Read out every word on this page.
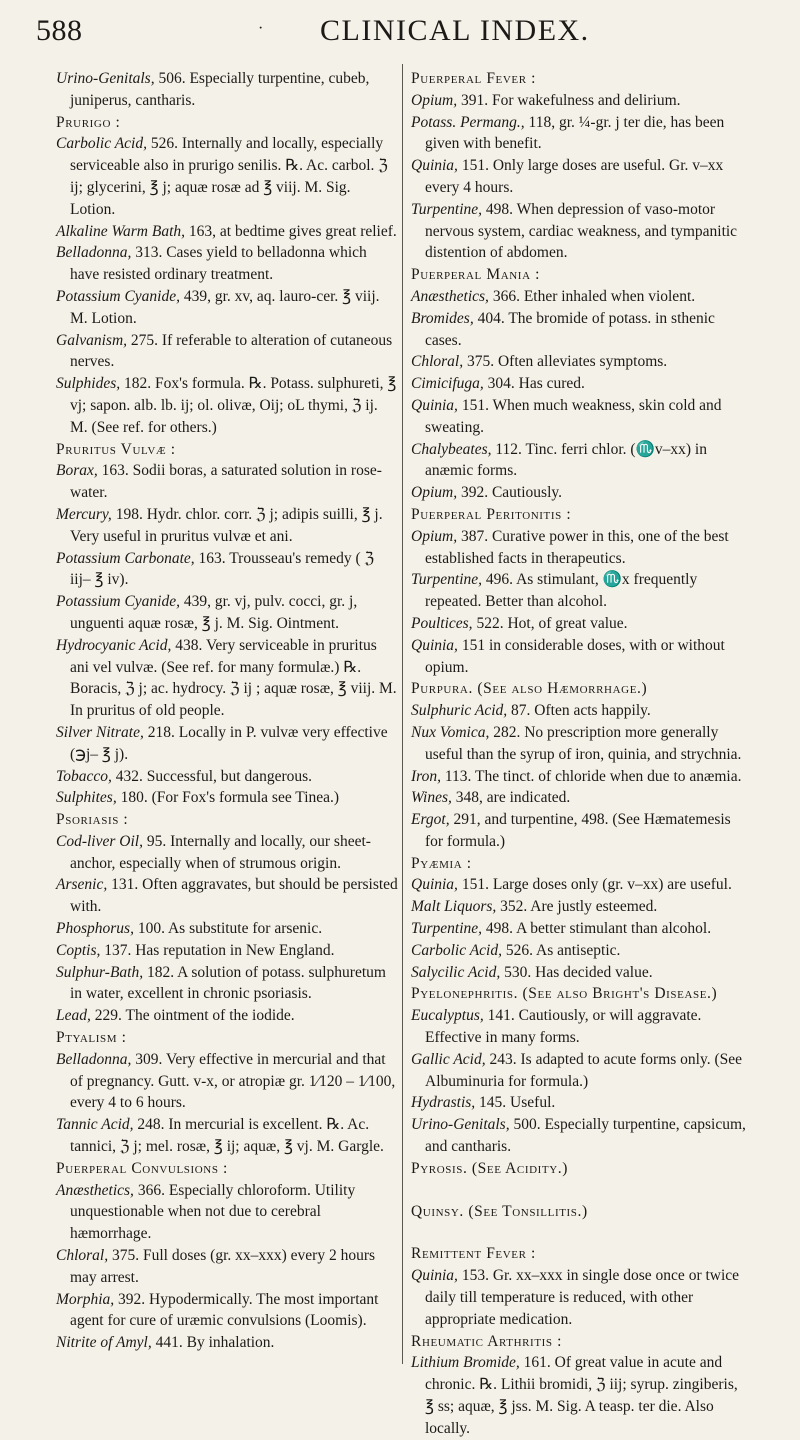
588	· CLINICAL INDEX.
Urino-Genitals, 506. Especially turpentine, cubeb, juniperus, cantharis.
Prurigo :
Carbolic Acid, 526. Internally and locally, especially serviceable also in prurigo senilis. ℞. Ac. carbol. ℨ ij; glycerini, ℥ j; aquæ rosæ ad ℥ viij. M. Sig. Lotion.
Alkaline Warm Bath, 163, at bedtime gives great relief.
Belladonna, 313. Cases yield to belladonna which have resisted ordinary treatment.
Potassium Cyanide, 439, gr. xv, aq. lauro-cer. ℥ viij. M. Lotion.
Galvanism, 275. If referable to alteration of cutaneous nerves.
Sulphides, 182. Fox's formula. ℞. Potass. sulphureti, ℥ vj; sapon. alb. lb. ij; ol. olivæ, Oij; oL thymi, ℨ ij. M. (See ref. for others.)
Pruritus Vulvæ :
Borax, 163. Sodii boras, a saturated solution in rose-water.
Mercury, 198. Hydr. chlor. corr. ℨ j; adipis suilli, ℥ j. Very useful in pruritus vulvæ et ani.
Potassium Carbonate, 163. Trousseau's remedy ( ℨ iij– ℥ iv).
Potassium Cyanide, 439, gr. vj, pulv. cocci, gr. j, unguenti aquæ rosæ, ℥ j. M. Sig. Ointment.
Hydrocyanic Acid, 438. Very serviceable in pruritus ani vel vulvæ. (See ref. for many formulæ.) ℞. Boracis, ℨ j; ac. hydrocy. ℨ ij ; aquæ rosæ, ℥ viij. M. In pruritus of old people.
Silver Nitrate, 218. Locally in P. vulvæ very effective (℈j– ℥ j).
Tobacco, 432. Successful, but dangerous.
Sulphites, 180. (For Fox's formula see Tinea.)
Psoriasis :
Cod-liver Oil, 95. Internally and locally, our sheet-anchor, especially when of strumous origin.
Arsenic, 131. Often aggravates, but should be persisted with.
Phosphorus, 100. As substitute for arsenic.
Coptis, 137. Has reputation in New England.
Sulphur-Bath, 182. A solution of potass. sulphuretum in water, excellent in chronic psoriasis.
Lead, 229. The ointment of the iodide.
Ptyalism :
Belladonna, 309. Very effective in mercurial and that of pregnancy. Gutt. v-x, or atropiæ gr. 1⁄120 – 1⁄100, every 4 to 6 hours.
Tannic Acid, 248. In mercurial is excellent. ℞. Ac. tannici, ℨ j; mel. rosæ, ℥ ij; aquæ, ℥ vj. M. Gargle.
Puerperal Convulsions :
Anæsthetics, 366. Especially chloroform. Utility unquestionable when not due to cerebral hæmorrhage.
Chloral, 375. Full doses (gr. xx–xxx) every 2 hours may arrest.
Morphia, 392. Hypodermically. The most important agent for cure of uræmic convulsions (Loomis).
Nitrite of Amyl, 441. By inhalation.
Puerperal Fever :
Opium, 391. For wakefulness and delirium.
Potass. Permang., 118, gr. ¼-gr. j ter die, has been given with benefit.
Quinia, 151. Only large doses are useful. Gr. v–xx every 4 hours.
Turpentine, 498. When depression of vaso-motor nervous system, cardiac weakness, and tympanitic distention of abdomen.
Puerperal Mania :
Anæsthetics, 366. Ether inhaled when violent.
Bromides, 404. The bromide of potass. in sthenic cases.
Chloral, 375. Often alleviates symptoms.
Cimicifuga, 304. Has cured.
Quinia, 151. When much weakness, skin cold and sweating.
Chalybeates, 112. Tinc. ferri chlor. (♏v–xx) in anæmic forms.
Opium, 392. Cautiously.
Puerperal Peritonitis :
Opium, 387. Curative power in this, one of the best established facts in therapeutics.
Turpentine, 496. As stimulant, ♏x frequently repeated. Better than alcohol.
Poultices, 522. Hot, of great value.
Quinia, 151 in considerable doses, with or without opium.
Purpura. (See also Hæmorrhage.)
Sulphuric Acid, 87. Often acts happily.
Nux Vomica, 282. No prescription more generally useful than the syrup of iron, quinia, and strychnia.
Iron, 113. The tinct. of chloride when due to anæmia.
Wines, 348, are indicated.
Ergot, 291, and turpentine, 498. (See Hæmatemesis for formula.)
Pyæmia :
Quinia, 151. Large doses only (gr. v–xx) are useful.
Malt Liquors, 352. Are justly esteemed.
Turpentine, 498. A better stimulant than alcohol.
Carbolic Acid, 526. As antiseptic.
Salycilic Acid, 530. Has decided value.
Pyelonephritis. (See also Bright's Disease.)
Eucalyptus, 141. Cautiously, or will aggravate. Effective in many forms.
Gallic Acid, 243. Is adapted to acute forms only. (See Albuminuria for formula.)
Hydrastis, 145. Useful.
Urino-Genitals, 500. Especially turpentine, capsicum, and cantharis.
Pyrosis. (See Acidity.)
Quinsy. (See Tonsillitis.)
Remittent Fever :
Quinia, 153. Gr. xx–xxx in single dose once or twice daily till temperature is reduced, with other appropriate medication.
Rheumatic Arthritis :
Lithium Bromide, 161. Of great value in acute and chronic. ℞. Lithii bromidi, ℨ iij; syrup. zingiberis, ℥ ss; aquæ, ℥ jss. M. Sig. A teasp. ter die. Also locally.
